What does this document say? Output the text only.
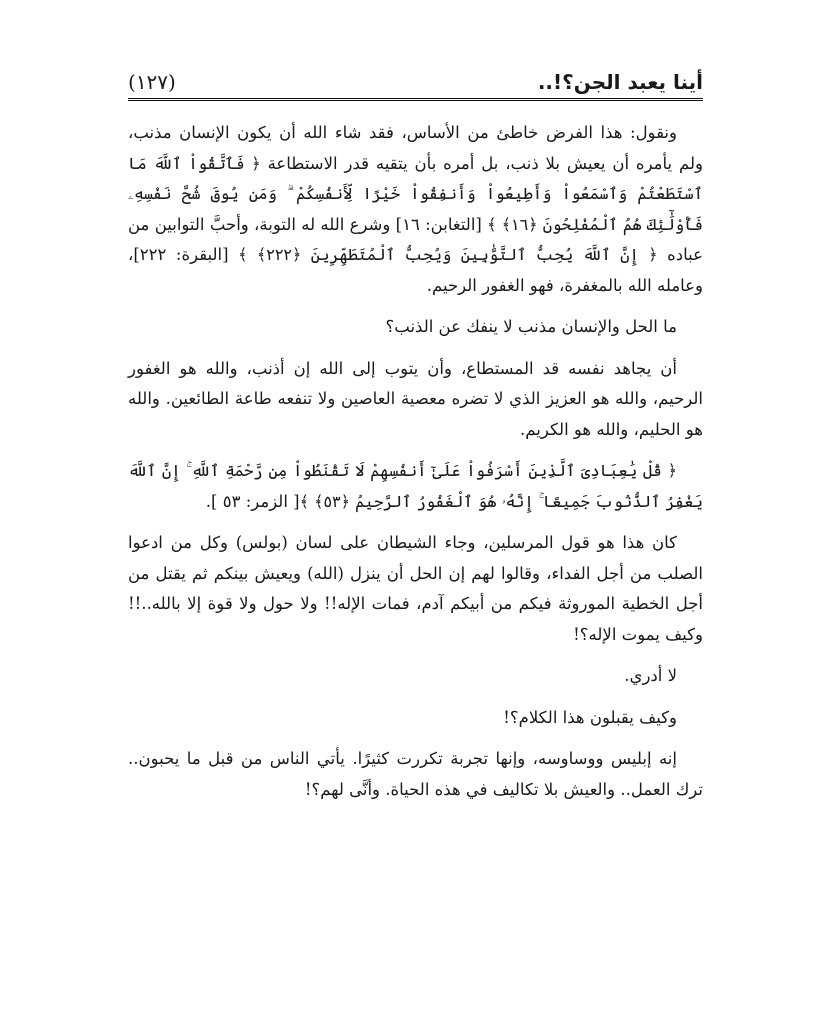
أينا يعبد الجن؟!..
(١٢٧)

ونقول: هذا الفرض خاطئ من الأساس، فقد شاء الله أن يكون الإنسان مذنب، ولم يأمره أن يعيش بلا ذنب، بل أمره بأن يتقيه قدر الاستطاعة ﴿ فَٱتَّقُواْ ٱللَّهَ مَا ٱسْتَطَعْتُمْ وَٱسْمَعُواْ وَأَطِيعُواْ وَأَنفِقُواْ خَيْرًا لِّأَنفُسِكُمْ ۗ وَمَن يُوقَ شُحَّ نَفْسِهِۦ فَأُوْلَٰٓئِكَ هُمُ ٱلْمُفْلِحُونَ ﴿١٦﴾ ﴾ [التغابن: ١٦] وشرع الله له التوبة، وأحبَّ التوابين من عباده ﴿ إِنَّ ٱللَّهَ يُحِبُّ ٱلتَّوَّٰبِينَ وَيُحِبُّ ٱلْمُتَطَهِّرِينَ ﴿٢٢٢﴾ ﴾ [البقرة: ٢٢٢]، وعامله الله بالمغفرة، فهو الغفور الرحيم.

ما الحل والإنسان مذنب لا ينفك عن الذنب؟

أن يجاهد نفسه قد المستطاع، وأن يتوب إلى الله إن أذنب، والله هو الغفور الرحيم، والله هو العزيز الذي لا تضره معصية العاصين ولا تنفعه طاعة الطائعين. والله هو الحليم، والله هو الكريم.

﴿ قُلْ يَٰعِبَادِىَ ٱلَّذِينَ أَسْرَفُواْ عَلَىٰٓ أَنفُسِهِمْ لَا تَقْنَطُواْ مِن رَّحْمَةِ ٱللَّهِ ۚ إِنَّ ٱللَّهَ يَغْفِرُ ٱلذُّنُوبَ جَمِيعًا ۚ إِنَّهُۥ هُوَ ٱلْغَفُورُ ٱلرَّحِيمُ ﴿٥٣﴾ ﴾[ الزمر: ٥٣ ].

كان هذا هو قول المرسلين، وجاء الشيطان على لسان (بولس) وكل من ادعوا الصلب من أجل الفداء، وقالوا لهم إن الحل أن ينزل (الله) ويعيش بينكم ثم يقتل من أجل الخطية الموروثة فيكم من أبيكم آدم، فمات الإله!! ولا حول ولا قوة إلا بالله..!! وكيف يموت الإله؟!

لا أدري.

وكيف يقبلون هذا الكلام؟!

إنه إبليس ووساوسه، وإنها تجربة تكررت كثيرًا. يأتي الناس من قبل ما يحبون.. ترك العمل.. والعيش بلا تكاليف في هذه الحياة. وأنَّى لهم؟!
